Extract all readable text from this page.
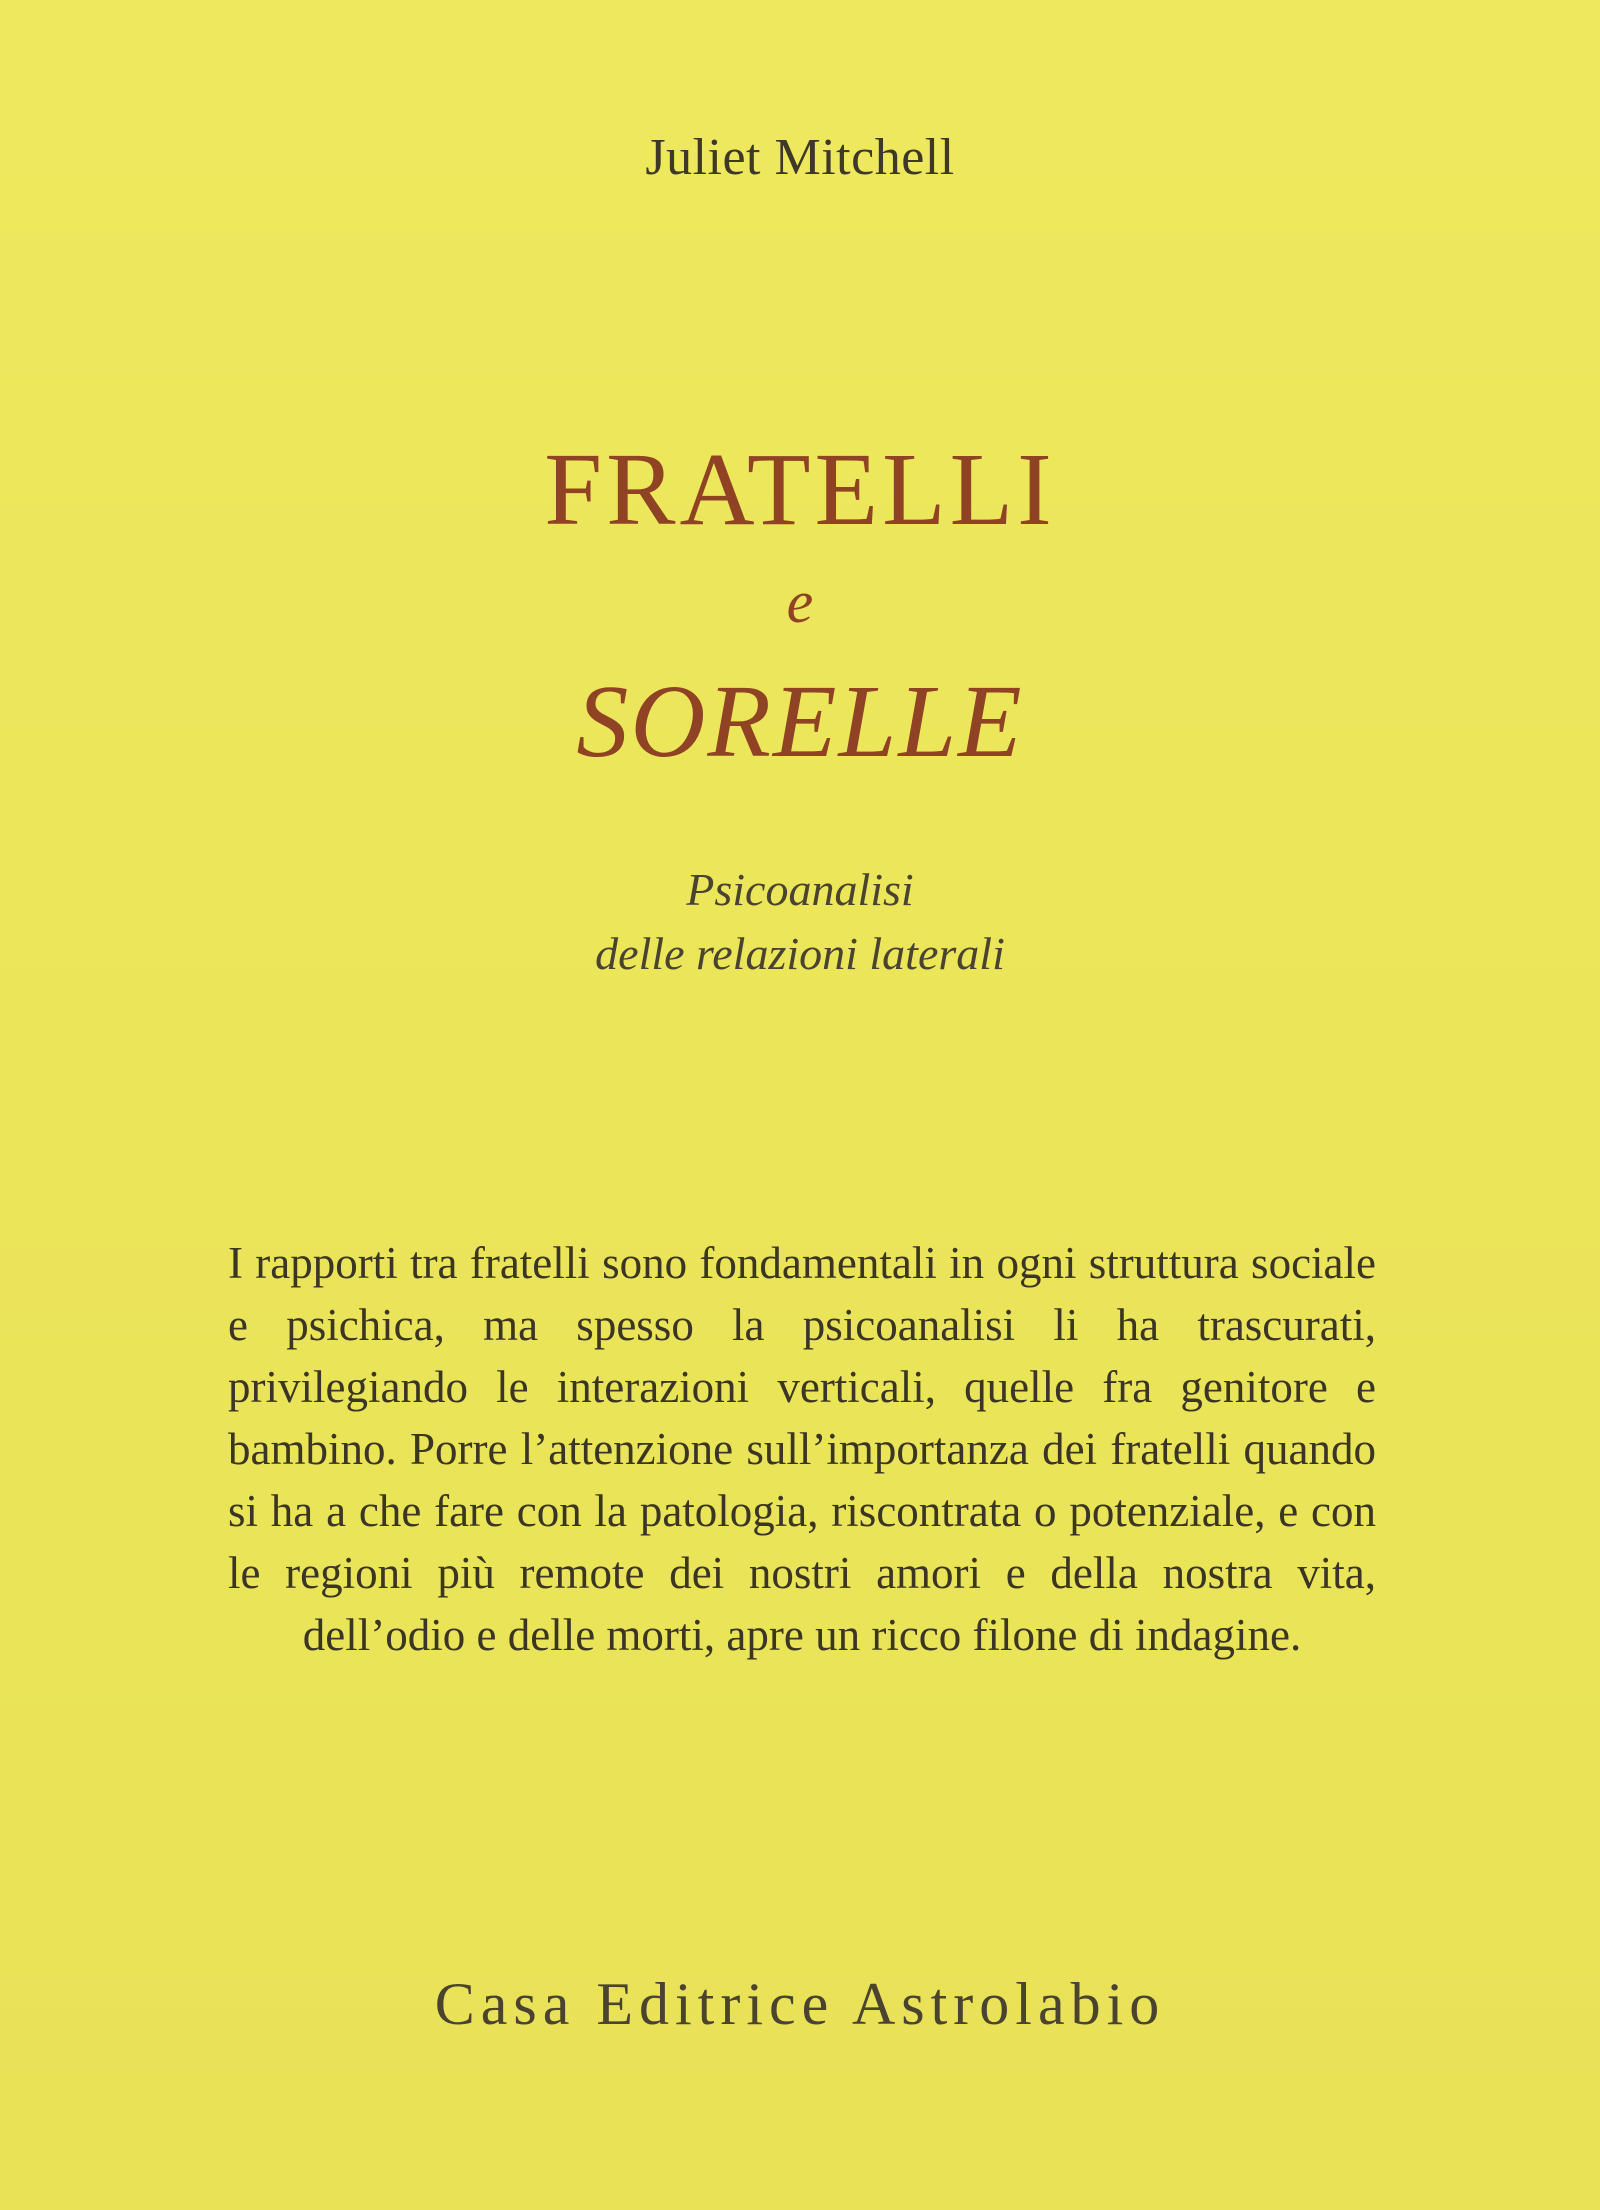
Juliet Mitchell
FRATELLI
e
SORELLE
Psicoanalisi
delle relazioni laterali
I rapporti tra fratelli sono fondamentali in ogni struttura sociale e psichica, ma spesso la psicoanalisi li ha trascurati, privilegiando le interazioni verticali, quelle fra genitore e bambino. Porre l’attenzione sull’importanza dei fratelli quando si ha a che fare con la patologia, riscontrata o potenziale, e con le regioni più remote dei nostri amori e della nostra vita, dell’odio e delle morti, apre un ricco filone di indagine.
Casa Editrice Astrolabio
